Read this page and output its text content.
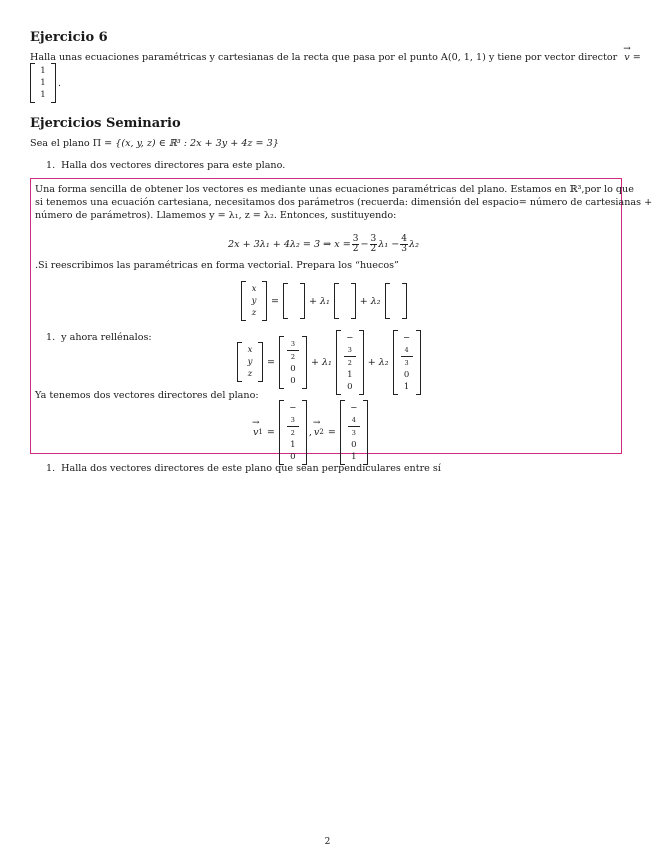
Ejercicio 6

Halla unas ecuaciones paramétricas y cartesianas de la recta que pasa por el punto A(0, 1, 1) y tiene por vector director → v =

1
1
1
.
Ejercicios Seminario

Sea el plano Π = {(x, y, z) ∈ ℝ³ : 2x + 3y + 4z = 3}

1. Halla dos vectores directores para este plano.

Una forma sencilla de obtener los vectores es mediante unas ecuaciones paramétricas del plano. Estamos en ℝ³,por lo que

si tenemos una ecuación cartesiana, necesitamos dos parámetros (recuerda: dimensión del espacio= número de cartesianas +

número de parámetros). Llamemos y = λ₁, z = λ₂. Entonces, sustituyendo:

2x + 3λ₁ + 4λ₂ = 3 ⇒ $x = \frac{3}{2} - \frac{3}{2} \lambda_1 - \frac{4}{3} \lambda_2$

.Si reescribimos las paramétricas en forma vectorial. Prepara los “huecos”

x
y
z
=	+ λ₁	+ λ₂

1. y ahora rellénalos:

x
y
z
=
3
2
0
0
+ λ₁
−
3
2
1
0
+ λ₂
−
4
3
0
1

Ya tenemos dos vectores directores del plano:

→ v 1 =
−
3
2
1
0
, → v 2 =
−
4
3
0
1

1. Halla dos vectores directores de este plano que sean perpendiculares entre sí

2
